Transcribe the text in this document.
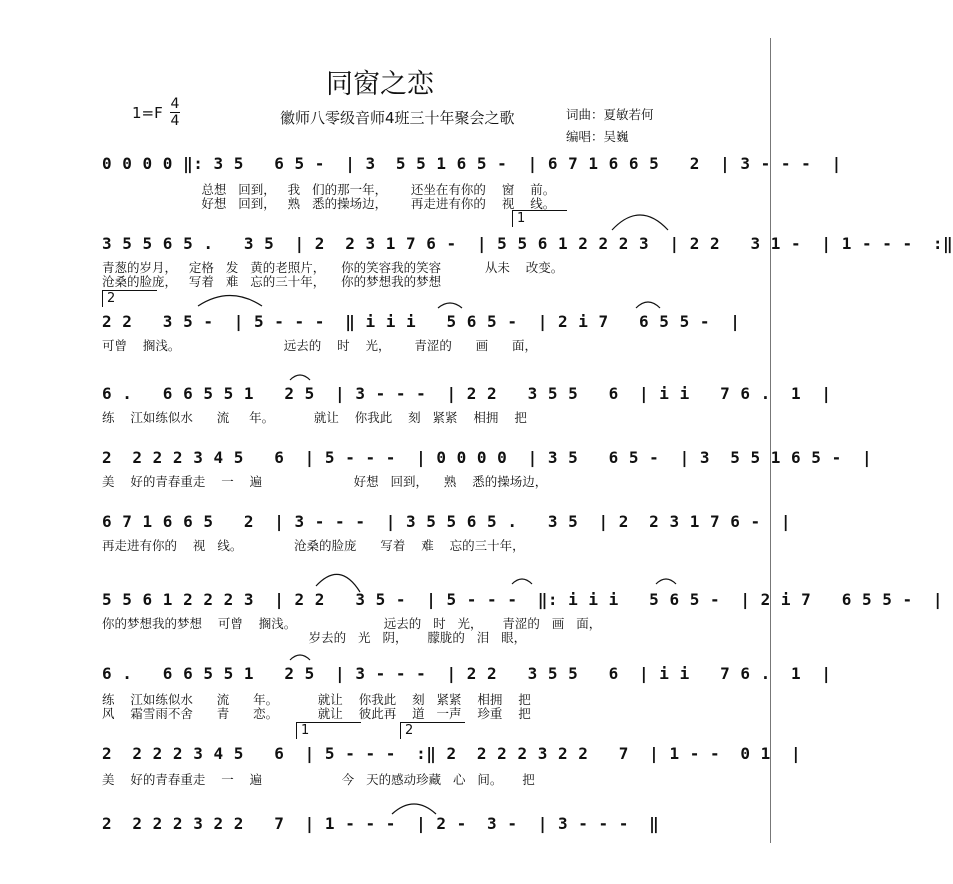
同窗之恋
1=F 4
4	徽师八零级音师4班三十年聚会之歌	词曲：夏敏若何
编唱：吴巍
0 0 0 0 ‖: 3 5   6 5 -  | 3  5 5 1 6 5 -  | 6 7 1 6 6 5   2  | 3 - - -  |
总想   回到，   我   们的那一年，      还坐在有你的    窗    前。
好想   回到，   熟   悉的操场边，      再走进有你的    视    线。
1
3 5 5 6 5 .   3 5  | 2  2 3 1 7 6 -  | 5 5 6 1 2 2 2 3  | 2 2   3 1 -  | 1 - - -  :‖
青葱的岁月，   定格   发   黄的老照片，    你的笑容我的笑容           从未    改变。
沧桑的脸庞，   写着   难   忘的三十年，    你的梦想我的梦想
2
2 2   3 5 -  | 5 - - -  ‖ i i i   5 6 5 -  | 2 i 7   6 5 5 -  |
可曾    搁浅。                          远去的    时    光，      青涩的      画      面，
6 .   6 6 5 5 1   2 5  | 3 - - -  | 2 2   3 5 5   6  | i i   7 6 .  1  |
练    江如练似水      流     年。          就让    你我此    刻   紧紧    相拥    把
2  2 2 2 3 4 5   6  | 5 - - -  | 0 0 0 0  | 3 5   6 5 -  | 3  5 5 1 6 5 -  |
美    好的青春重走    一    遍                       好想   回到，    熟    悉的操场边，
6 7 1 6 6 5   2  | 3 - - -  | 3 5 5 6 5 .   3 5  | 2  2 3 1 7 6 -  |
再走进有你的    视   线。             沧桑的脸庞      写着    难    忘的三十年，
5 5 6 1 2 2 2 3  | 2 2   3 5 -  | 5 - - -  ‖: i i i   5 6 5 -  | 2 i 7   6 5 5 -  |
你的梦想我的梦想    可曾    搁浅。                      远去的   时   光，     青涩的   画   面，
岁去的   光   阴，     朦胧的   泪   眼，
6 .   6 6 5 5 1   2 5  | 3 - - -  | 2 2   3 5 5   6  | i i   7 6 .  1  |
练    江如练似水      流      年。          就让    你我此    刻   紧紧    相拥    把
风    霜雪雨不舍      青      恋。          就让    彼此再    道   一声    珍重    把
1	2
2  2 2 2 3 4 5   6  | 5 - - -  :‖ 2  2 2 2 3 2 2   7  | 1 - -  0 1  |
美    好的青春重走    一    遍                    今   天的感动珍藏   心   间。     把
2  2 2 2 3 2 2   7  | 1 - - -  | 2 -  3 -  | 3 - - -  ‖
